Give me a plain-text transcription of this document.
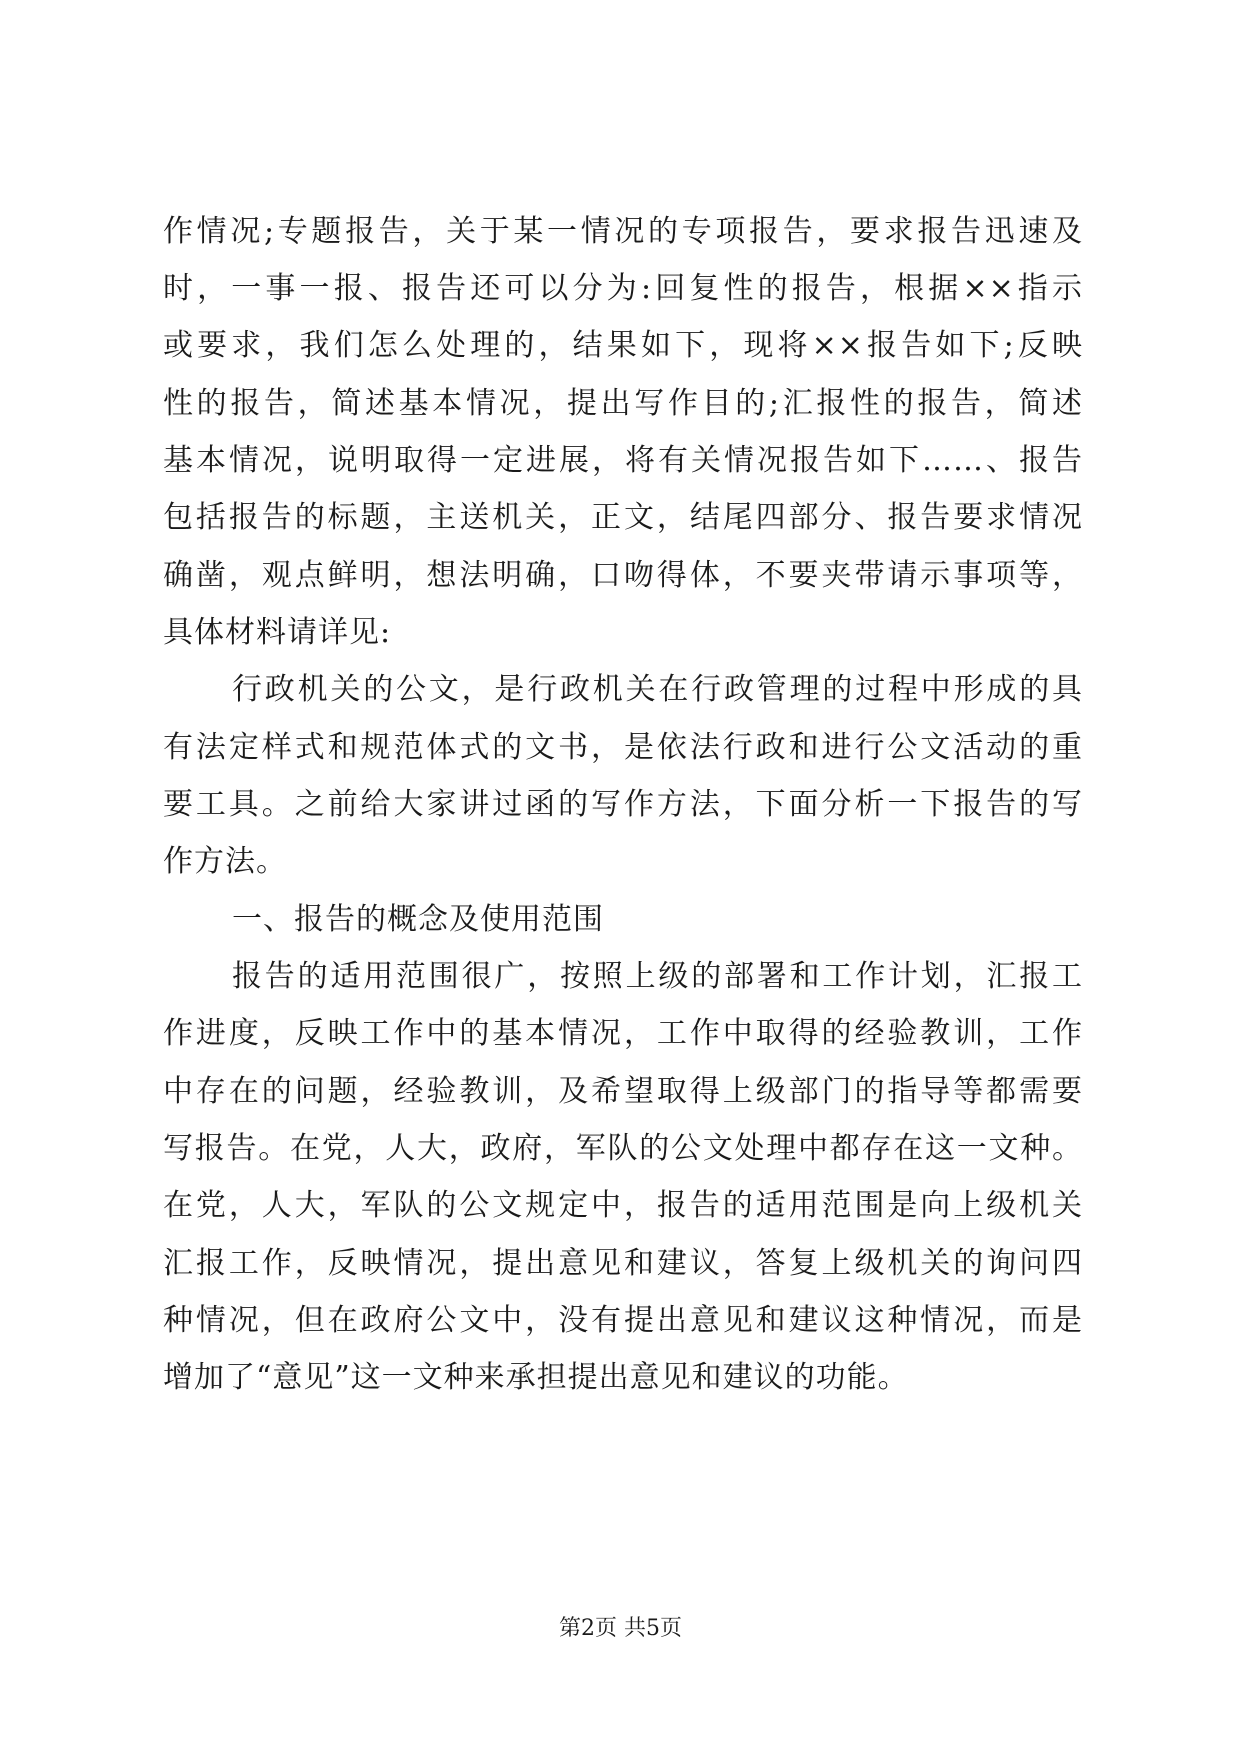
作情况;专题报告，关于某一情况的专项报告，要求报告迅速及
时，一事一报、报告还可以分为:回复性的报告，根据××指示
或要求，我们怎么处理的，结果如下，现将××报告如下;反映
性的报告，简述基本情况，提出写作目的;汇报性的报告，简述
基本情况，说明取得一定进展，将有关情况报告如下……、报告
包括报告的标题，主送机关，正文，结尾四部分、报告要求情况
确凿，观点鲜明，想法明确，口吻得体，不要夹带请示事项等，
具体材料请详见:
行政机关的公文，是行政机关在行政管理的过程中形成的具
有法定样式和规范体式的文书，是依法行政和进行公文活动的重
要工具。之前给大家讲过函的写作方法，下面分析一下报告的写
作方法。
一、报告的概念及使用范围
报告的适用范围很广，按照上级的部署和工作计划，汇报工
作进度，反映工作中的基本情况，工作中取得的经验教训，工作
中存在的问题，经验教训，及希望取得上级部门的指导等都需要
写报告。在党，人大，政府，军队的公文处理中都存在这一文种。
在党，人大，军队的公文规定中，报告的适用范围是向上级机关
汇报工作，反映情况，提出意见和建议，答复上级机关的询问四
种情况，但在政府公文中，没有提出意见和建议这种情况，而是
增加了“意见”这一文种来承担提出意见和建议的功能。
第2页 共5页
